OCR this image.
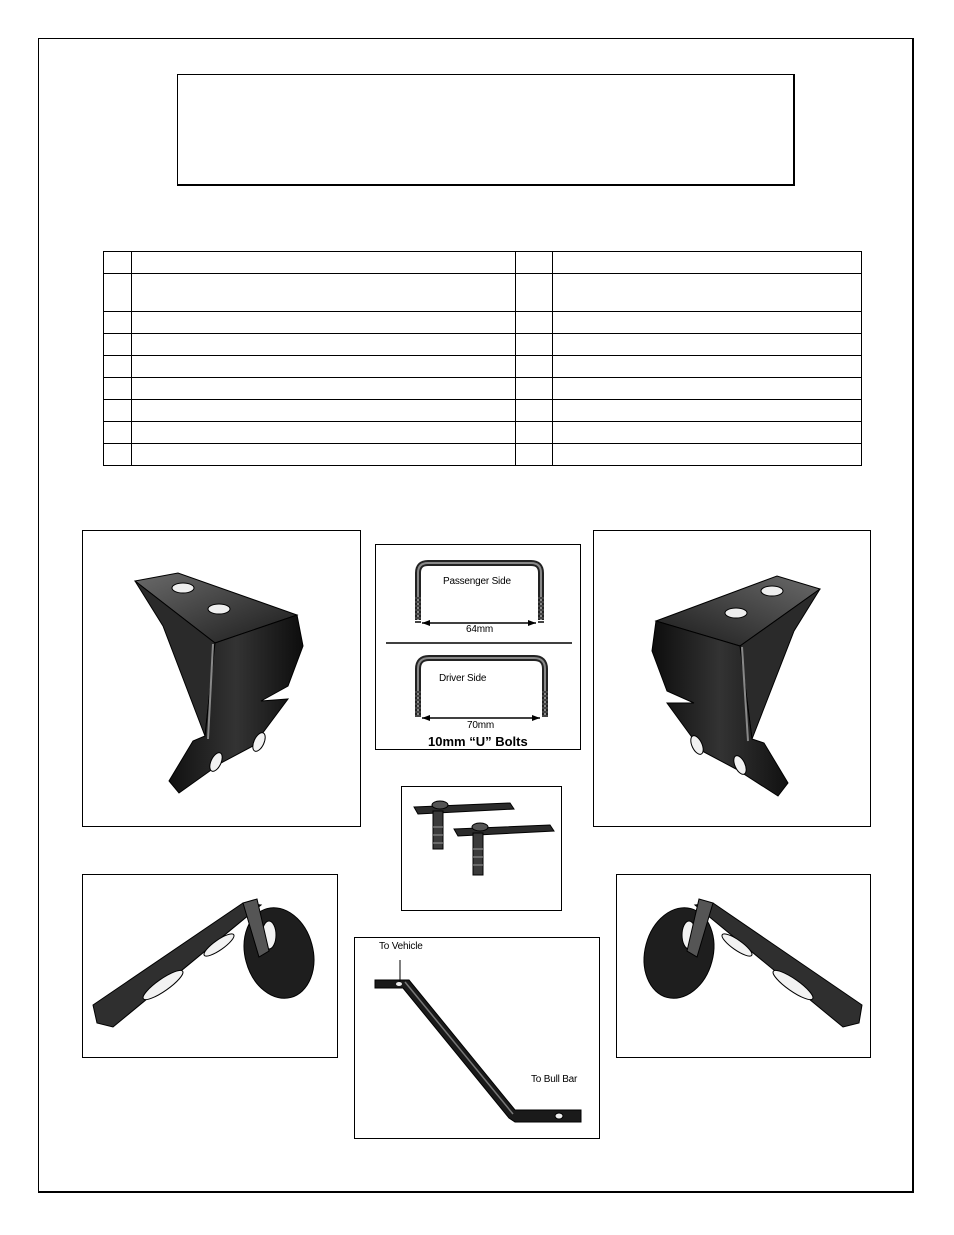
Passenger Side
64mm
Driver Side
70mm
10mm “U” Bolts
To Vehicle
To Bull Bar
